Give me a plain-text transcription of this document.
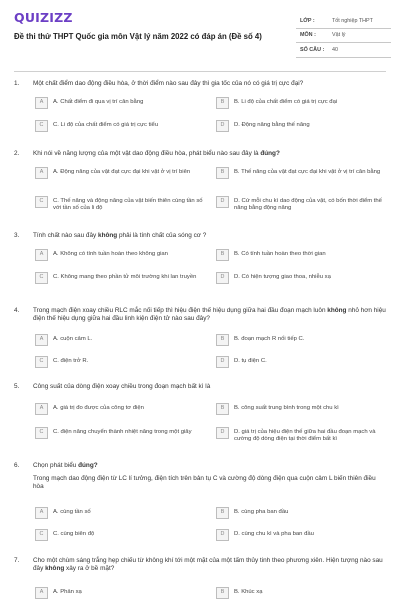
QUIZIZZ
Đề thi thử THPT Quốc gia môn Vật lý năm 2022 có đáp án (Đề số 4)
LỚP :	Tốt nghiệp THPT
MÔN :	Vật lý
SỐ CÂU :	40
1. Một chất điểm dao động điều hòa, ở thời điểm nào sau đây thì gia tốc của nó có giá trị cực đại?
A	A. Chất điểm đi qua vị trí cân bằng	B	B. Li độ của chất điểm có giá trị cực đại
C	C. Li độ của chất điểm có giá trị cực tiểu	D	D. Động năng bằng thế năng
2. Khi nói về năng lượng của một vật dao động điều hòa, phát biểu nào sau đây là đúng?
A	A. Động năng của vật đạt cực đại khi vật ở vị trí biên	B	B. Thế năng của vật đạt cực đại khi vật ở vị trí cân bằng
C	C. Thế năng và động năng của vật biến thiên cùng tần số với tần số của li độ
D	D. Cứ mỗi chu kì dao động của vật, có bốn thời điểm thế năng bằng động năng
3. Tính chất nào sau đây không phải là tính chất của sóng cơ ?
A	A. Không có tính tuần hoàn theo không gian	B	B. Có tính tuần hoàn theo thời gian
C	C. Không mang theo phần tử môi trường khi lan truyền	D	D. Có hiện tượng giao thoa, nhiễu xạ
4. Trong mạch điện xoay chiều RLC mắc nối tiếp thì hiệu điện thế hiệu dụng giữa hai đầu đoạn mạch luôn không nhỏ hơn hiệu điện thế hiệu dụng giữa hai đầu linh kiện điện tử nào sau đây?
A	A. cuộn cảm L.	B	B. đoạn mạch R nối tiếp C.
C	C. điện trở R.	D	D. tụ điện C.
5. Công suất của dòng điện xoay chiều trong đoạn mạch bất kì là
A	A. giá trị đo được của công tơ điện	B	B. công suất trung bình trong một chu kì
C	C. điện năng chuyển thành nhiệt năng trong một giây	D	D. giá trị của hiệu điện thế giữa hai đầu đoạn mạch và cường độ dòng điện tại thời điểm bất kì
6. Chọn phát biểu đúng?
Trong mạch dao động điện từ LC lí tưởng, điện tích trên bản tụ C và cường độ dòng điện qua cuộn cảm L biến thiên điều hòa
A	A. cùng tần số	B	B. cùng pha ban đầu
C	C. cùng biên độ	D	D. cùng chu kì và pha ban đầu
7. Cho một chùm sáng trắng hẹp chiếu từ không khí tới một mặt của một tấm thủy tinh theo phương xiên. Hiện tượng nào sau đây không xảy ra ở bề mặt?
A	A. Phản xạ	B	B. Khúc xạ
